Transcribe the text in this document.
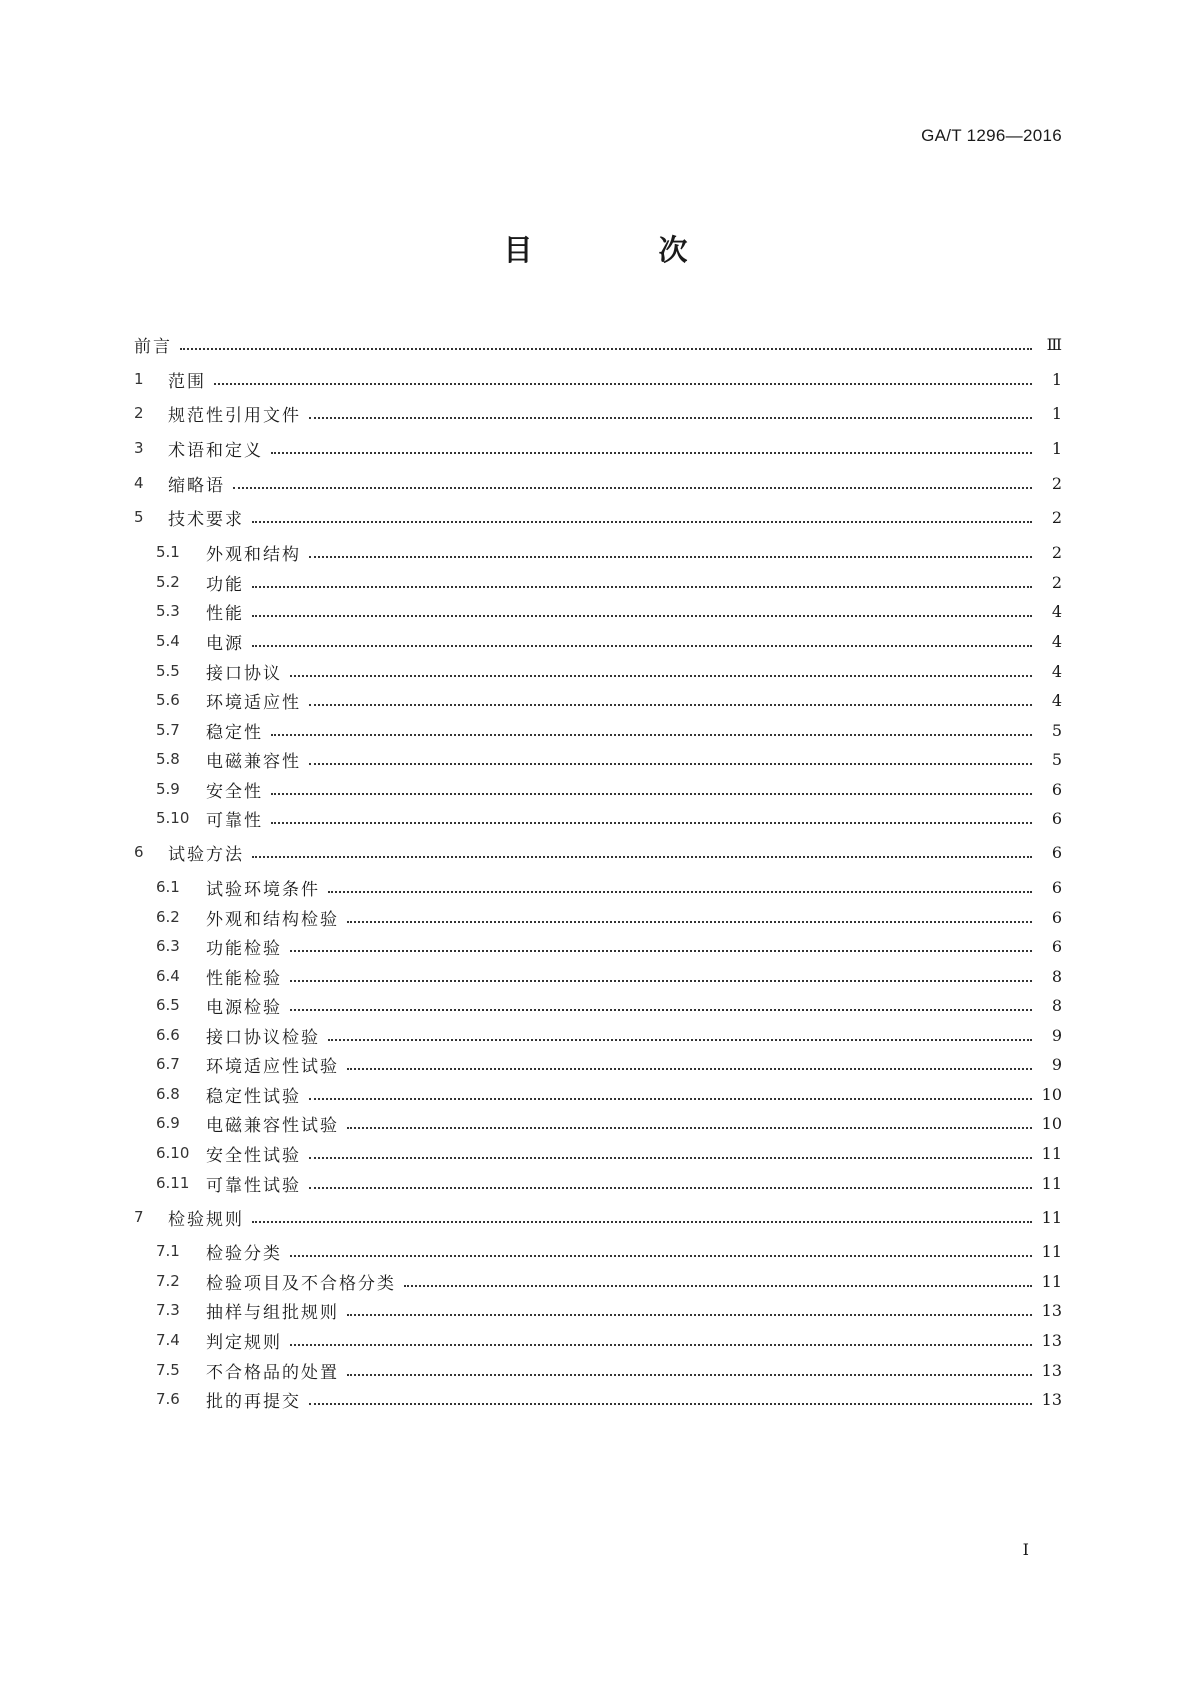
GA/T 1296—2016
目 次
前言	Ⅲ
1	范围	1
2	规范性引用文件	1
3	术语和定义	1
4	缩略语	2
5	技术要求	2
5.1	外观和结构	2
5.2	功能	2
5.3	性能	4
5.4	电源	4
5.5	接口协议	4
5.6	环境适应性	4
5.7	稳定性	5
5.8	电磁兼容性	5
5.9	安全性	6
5.10 可靠性	6
6	试验方法	6
6.1	试验环境条件	6
6.2	外观和结构检验	6
6.3	功能检验	6
6.4	性能检验	8
6.5	电源检验	8
6.6	接口协议检验	9
6.7	环境适应性试验	9
6.8	稳定性试验	10
6.9	电磁兼容性试验	10
6.10 安全性试验	11
6.11 可靠性试验	11
7	检验规则	11
7.1	检验分类	11
7.2	检验项目及不合格分类	11
7.3	抽样与组批规则	13
7.4	判定规则	13
7.5	不合格品的处置	13
7.6	批的再提交	13
I
